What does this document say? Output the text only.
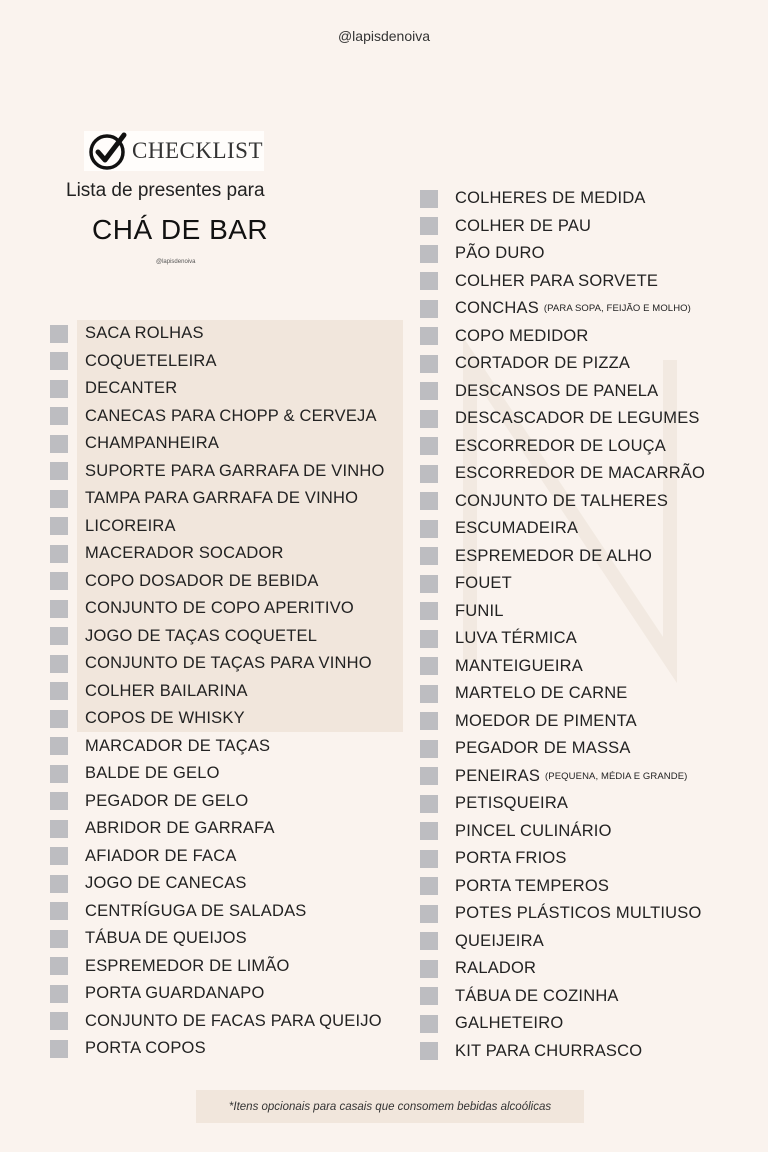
@lapisdenoiva
CHECKLIST
Lista de presentes para
CHÁ DE BAR
@lapisdenoiva
SACA ROLHAS
COQUETELEIRA
DECANTER
CANECAS PARA CHOPP & CERVEJA
CHAMPANHEIRA
SUPORTE PARA GARRAFA DE VINHO
TAMPA PARA GARRAFA DE VINHO
LICOREIRA
MACERADOR SOCADOR
COPO DOSADOR DE BEBIDA
CONJUNTO DE COPO APERITIVO
JOGO DE TAÇAS COQUETEL
CONJUNTO DE TAÇAS PARA VINHO
COLHER BAILARINA
COPOS DE WHISKY
MARCADOR DE TAÇAS
BALDE DE GELO
PEGADOR DE GELO
ABRIDOR DE GARRAFA
AFIADOR DE FACA
JOGO DE CANECAS
CENTRÍGUGA DE SALADAS
TÁBUA DE QUEIJOS
ESPREMEDOR DE LIMÃO
PORTA GUARDANAPO
CONJUNTO DE FACAS PARA QUEIJO
PORTA COPOS
COLHERES DE MEDIDA
COLHER DE PAU
PÃO DURO
COLHER PARA SORVETE
CONCHAS (PARA SOPA, FEIJÃO E MOLHO)
COPO MEDIDOR
CORTADOR DE PIZZA
DESCANSOS DE PANELA
DESCASCADOR DE LEGUMES
ESCORREDOR DE LOUÇA
ESCORREDOR DE MACARRÃO
CONJUNTO DE TALHERES
ESCUMADEIRA
ESPREMEDOR DE ALHO
FOUET
FUNIL
LUVA TÉRMICA
MANTEIGUEIRA
MARTELO DE CARNE
MOEDOR DE PIMENTA
PEGADOR DE MASSA
PENEIRAS (PEQUENA, MÉDIA E GRANDE)
PETISQUEIRA
PINCEL CULINÁRIO
PORTA FRIOS
PORTA TEMPEROS
POTES PLÁSTICOS MULTIUSO
QUEIJEIRA
RALADOR
TÁBUA DE COZINHA
GALHETEIRO
KIT PARA CHURRASCO
*Itens opcionais para casais que consomem bebidas alcoólicas
